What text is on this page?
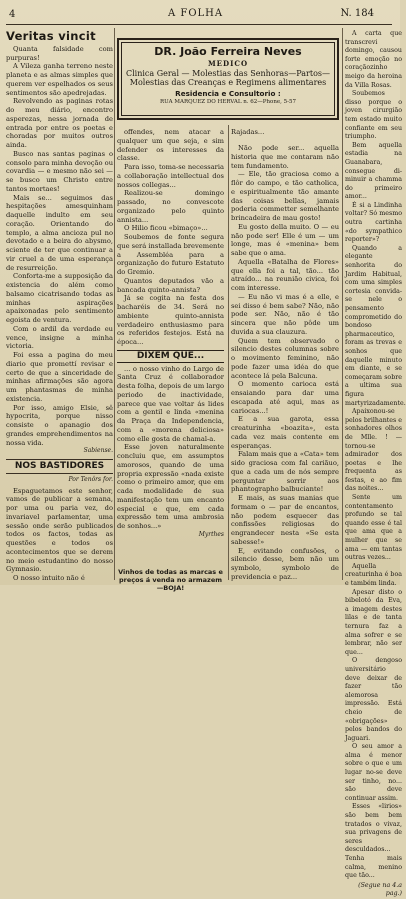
4	A FOLHA	N. 184
Veritas vincit

Quanta falsidade com purpuras!

A Vileza ganha terreno neste planeta e as almas simples que querem ver espelhados os seus sentimentos são apedrejadas.

Revolvendo as paginas rotas do meu diário, encontro asperezas, nessa jornada de entrada por entre os poetas e choradas por muitos outros ainda.

Busco nas santas paginas o consolo para minha devoção ou covardia — e mesmo não sei — se busco um Christo entre tantos mortaes!

Mais se... seguimos das hespitações amesquinham daquelle indulto em seu coração. Orientando do templo, a alma ancioza pul no devotado e a beira do abysmo, sciente de ter que continuar a vir cruel a de uma esperança de resurreição.

Conforta-me a supposição da existencia do além como balsamo cicatrisando todas as minhas aspirações apaixonadas pelo sentimento egoista de ventura.

Com o ardil da verdade eu vence, insigne a minha victoria.

Foi essa a pagina do meu diario que promettí revisar e certo de que a sinceridade de minhas afirmações são agora um phantasmas de minha existencia.

Por isso, amigo Elsie, sê hypocrita, porque nisso consiste o apanagio dos grandes emprehendimentos na nossa vida.

Sabiense.
NOS BASTIDORES
Por Tenôrs for.

Espaguetamos este senhor, vamos de publicar a semana, por uma ou paria vez, do invariavel parlamentar, uma sessão onde serão publicados todos os factos, todas as questões e todos os acontecimentos que se derem no meio estudantino do nosso Gymnasio.

O nosso intuito não é

DR. João Ferreira Neves
MEDICO
Clinica Geral — Molestias das Senhoras—Partos—Molestias das Creanças e Regimens alimentares
Residencia e Consultorio :
RUA MARQUEZ DO HERVAL n. 62—Phone, 5-57

offendes, nem atacar a qualquer um que seja, e sim defender os interesses da classe.

Para isso, toma-se necessaria a collaboração intellectual dos nossos collegas...

Realizou-se domingo passado, no convescote organizado pelo quinto annista...

O Hilio ficou «bimaço»...

Soubemos de fonte segura que será installada brevemente a Assembléa para a organização do futuro Estatuto do Gremio.

Quantos deputados vão a bancada quinto-annista?

Já se cogita na festa dos bacharéis de 34. Será no ambiente quinto-annista verdadeiro enthusiasmo para os referidos festejos. Está na época...

DIXEM QUE...

... o nosso vinho do Largo de Santa Cruz é collaborador desta folha, depois de um largo periodo de inactividade, parece que vae voltar ás lides com a gentil e linda «menina da Praça da Independencia, com a «morena deliciosa» como elle gosta de chamal-a.

Esse joven naturalmente concluiu que, em assumptos amorosos, quando de uma propria expressão «nada existe como o primeiro amor, que em cada modalidade de sua manifestação tem um encanto especial e que, em cada expressão tem uma ambrosia de sonhos...»

Myrthes
Vinhos de todas as marcas e preços á venda no armazem—BOJA!
Rajadas...

Não pode ser... aquella historia que me contaram não tem fundamento.

— Ele, tão graciosa como a flôr do campo, e tão catholica, e espiritualmente tão amante das coisas bellas, jamais poderia commetter semelhante brincadeira de mau gosto!

Eu gosto della muito. O — eu não pode ser! Elle é um — um longe, mas é «menina» bem sabe que o ama.

Aquella «Batalha de Flores» que ella foi a tal, tão... tão atraído... na reunião civica, foi com interesse.

— Eu não vi mas é a elle, e sei disso é bem sabe? Não, não pode ser. Não, não é tão sincera que não pôde um duvida a sua clauzura.

Quem tem observado o silencio destes columnas sobre o movimento feminino, não pode fazer uma idéa do que acontece lá pela Balcuna.

O momento carioca está ensaiando para dar uma escapada até aqui, mas as cariocas...!

E a sua garota, essa creaturinha «boazita», esta cada vez mais contente em esperanças.

Falam mais que a «Cata» tem sido graciosa com fal cariãuo, que a cada um de nós sempre perguntar sorrir aos phantographo balbuciante!

E mais, as suas manias que formam o — par de encantos, não podem esquecer das confissões religiosas do engrandecer nesta «Se esta sabesse!»

E, evitando confusões, o silencio desse, bem não um symbolo, symbolo de previdencia e paz...

A carta que transcrevi domingo, causou forte emoção no coraçãozinho meigo da heroina da Villa Rosas.

Soubemos disso porque o joven cirurgião tem estado muito confiante em seu triumpho.

Bem aquella estadia na Guanabara, consegue di-minuir a chamma do primeiro amor...

É si a Lindinha voltar? Só mesmo outra cartinha «do sympathico reporter»?

Quando a elegante senhorita do Jardim Habitual, com uma simples cortesia convida-se nele o pensamento comprometido do bondoso pharmaceutico, foram as trevas e sonhos que daquelle minuto em diante, e se começaram sobre a ultima sua figura martyrizadamente.

Apaixonou-se pelos brilhantes e sonhadores olhos de Mlle. ! — tornou-se admirador dos poetas e lhe frequenta as festas, e ao fim das noites...

Sente um contentamento profundo se tal quando esse é tal que ama que a mulher que se ama — em tantas outras vezes...

Aquella creaturinha é boa e também linda.

Apesar disto o bibelotó da Eva, a imagem destes lilas e de tanta ternura faz a alma sofrer e se lembrar, não ser que...

O dengoso universitário deve deixar de fazer tão alemorosa impressão. Está cheio de «obrigações» pelos bandos do Jaguari.

O seu amor a alma é menor sobre o que e um lugar no-se deve ser tinho, no... são deve continuar assim.

Esses «lirios» são bem bem tratados o vivaz, sua privagens de seres desculdados... Tenha mais calma, menino que tão...

(Segue na 4.a pag.)
